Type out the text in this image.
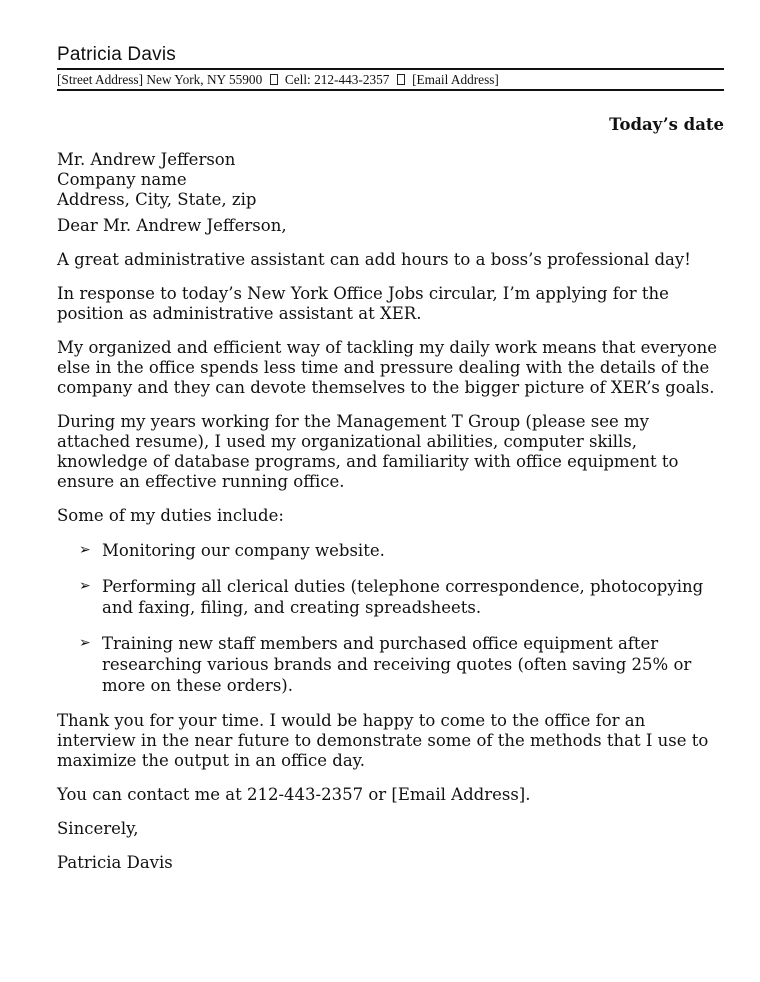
Patricia Davis
[Street Address] New York, NY 55900 Cell: 212-443-2357 [Email Address]
Today’s date
Mr. Andrew Jefferson
Company name
Address, City, State, zip

Dear Mr. Andrew Jefferson,

A great administrative assistant can add hours to a boss’s professional day!

In response to today’s New York Office Jobs circular, I’m applying for the position as administrative assistant at XER.

My organized and efficient way of tackling my daily work means that everyone else in the office spends less time and pressure dealing with the details of the company and they can devote themselves to the bigger picture of XER’s goals.

During my years working for the Management T Group (please see my attached resume), I used my organizational abilities, computer skills, knowledge of database programs, and familiarity with office equipment to ensure an effective running office.

Some of my duties include:

➢ Monitoring our company website.
➢ Performing all clerical duties (telephone correspondence, photocopying and faxing, filing, and creating spreadsheets.
➢ Training new staff members and purchased office equipment after researching various brands and receiving quotes (often saving 25% or more on these orders).

Thank you for your time. I would be happy to come to the office for an interview in the near future to demonstrate some of the methods that I use to maximize the output in an office day.

You can contact me at 212-443-2357 or [Email Address].

Sincerely,

Patricia Davis
